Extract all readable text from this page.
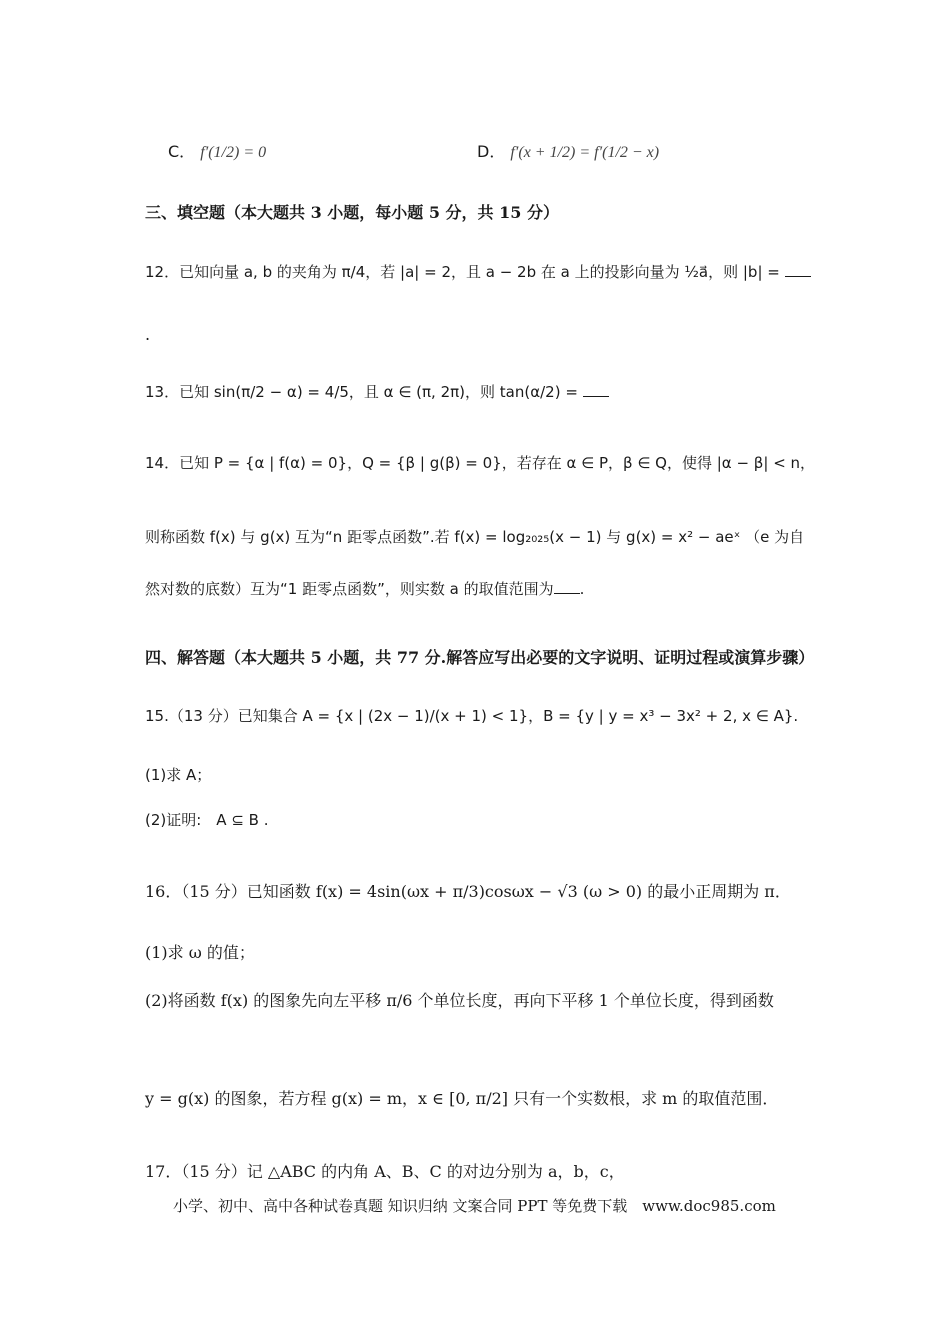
C． f′(1/2) = 0	D． f′(x + 1/2) = f′(1/2 − x)
三、填空题（本大题共 3 小题，每小题 5 分，共 15 分）
12．已知向量 a, b 的夹角为 π/4，若 |a| = 2，且 a − 2b 在 a 上的投影向量为 ½a⃗，则 |b| =
.
13．已知 sin(π/2 − α) = 4/5，且 α ∈ (π, 2π)，则 tan(α/2) =
14．已知 P = {α | f(α) = 0}，Q = {β | g(β) = 0}，若存在 α ∈ P，β ∈ Q，使得 |α − β| < n，
则称函数 f(x) 与 g(x) 互为“n 距零点函数”.若 f(x) = log₂₀₂₅(x − 1) 与 g(x) = x² − aeˣ （e 为自
然对数的底数）互为“1 距零点函数”，则实数 a 的取值范围为 .
四、解答题（本大题共 5 小题，共 77 分.解答应写出必要的文字说明、证明过程或演算步骤）
15.（13 分）已知集合 A = {x | (2x − 1)/(x + 1) < 1}，B = {y | y = x³ − 3x² + 2, x ∈ A}.
(1)求 A；
(2)证明:　A ⊆ B .
16．（15 分）已知函数 f(x) = 4sin(ωx + π/3)cosωx − √3 (ω > 0) 的最小正周期为 π．
(1)求 ω 的值；
(2)将函数 f(x) 的图象先向左平移 π/6 个单位长度，再向下平移 1 个单位长度，得到函数
y = g(x) 的图象，若方程 g(x) = m，x ∈ [0, π/2] 只有一个实数根，求 m 的取值范围．
17．（15 分）记 △ABC 的内角 A、B、C 的对边分别为 a，b，c，
小学、初中、高中各种试卷真题 知识归纳 文案合同 PPT 等免费下载　www.doc985.com
